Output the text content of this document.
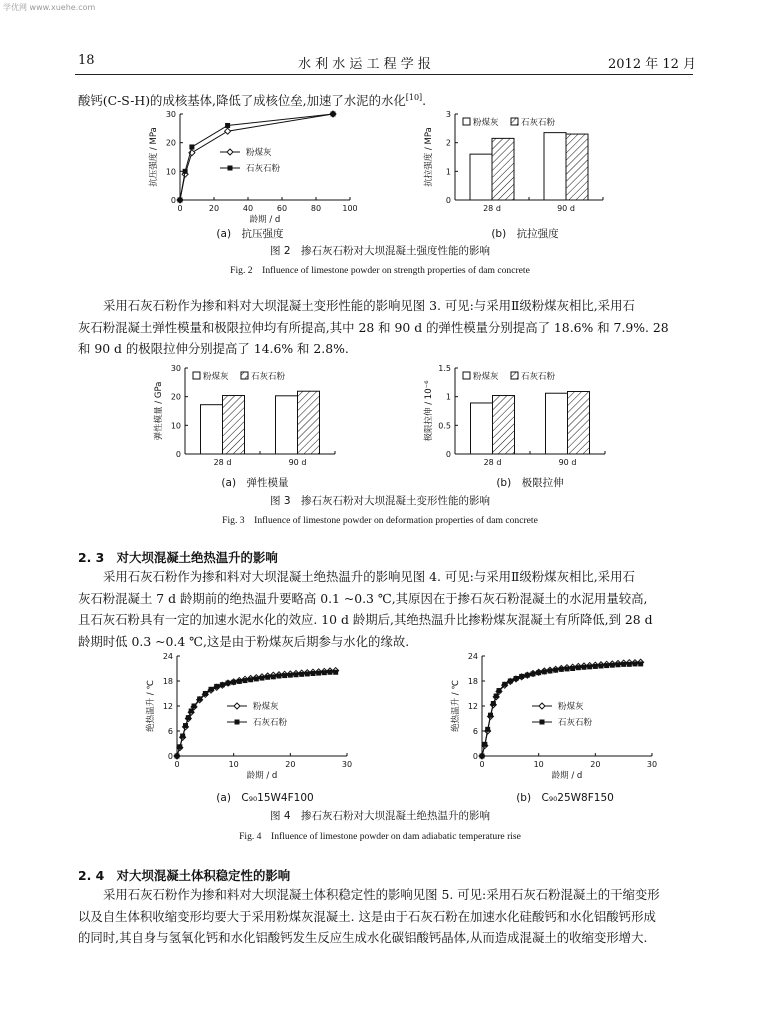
学优网 www.xuehe.com
18	水 利 水 运 工 程 学 报	2012 年 12 月
酸钙(C-S-H)的成核基体,降低了成核位垒,加速了水泥的水化[10].
0
10
20
30
抗压强度 / MPa
0	20	40	60	80	100
龄期 / d
粉煤灰
石灰石粉
0
1
2
3
抗拉强度 / MPa
28 d	90 d
粉煤灰	石灰石粉
(a)　抗压强度	(b)　抗拉强度
图 2　掺石灰石粉对大坝混凝土强度性能的影响
Fig. 2　Influence of limestone powder on strength properties of dam concrete
采用石灰石粉作为掺和料对大坝混凝土变形性能的影响见图 3. 可见:与采用Ⅱ级粉煤灰相比,采用石
灰石粉混凝土弹性模量和极限拉伸均有所提高,其中 28 和 90 d 的弹性模量分别提高了 18.6% 和 7.9%. 28
和 90 d 的极限拉伸分别提高了 14.6% 和 2.8%.
0
10
20
30
弹性模量 / GPa
28 d	90 d
粉煤灰	石灰石粉
0
0.5
1
1.5
极限拉伸 / 10⁻⁶
28 d	90 d
粉煤灰	石灰石粉
(a)　弹性模量	(b)　极限拉伸
图 3　掺石灰石粉对大坝混凝土变形性能的影响
Fig. 3　Influence of limestone powder on deformation properties of dam concrete
2. 3　对大坝混凝土绝热温升的影响
采用石灰石粉作为掺和料对大坝混凝土绝热温升的影响见图 4. 可见:与采用Ⅱ级粉煤灰相比,采用石
灰石粉混凝土 7 d 龄期前的绝热温升要略高 0.1 ~0.3 ℃,其原因在于掺石灰石粉混凝土的水泥用量较高,
且石灰石粉具有一定的加速水泥水化的效应. 10 d 龄期后,其绝热温升比掺粉煤灰混凝土有所降低,到 28 d
龄期时低 0.3 ~0.4 ℃,这是由于粉煤灰后期参与水化的缘故.
0
6
12
18
24
绝热温升 / ℃
0	10	20	30
龄期 / d
粉煤灰
石灰石粉
0
6
12
18
24
绝热温升 / ℃
0	10	20	30
龄期 / d
粉煤灰
石灰石粉
(a)　C₉₀15W4F100	(b)　C₉₀25W8F150
图 4　掺石灰石粉对大坝混凝土绝热温升的影响
Fig. 4　Influence of limestone powder on dam adiabatic temperature rise
2. 4　对大坝混凝土体积稳定性的影响
采用石灰石粉作为掺和料对大坝混凝土体积稳定性的影响见图 5. 可见:采用石灰石粉混凝土的干缩变形
以及自生体积收缩变形均要大于采用粉煤灰混凝土. 这是由于石灰石粉在加速水化硅酸钙和水化铝酸钙形成
的同时,其自身与氢氧化钙和水化铝酸钙发生反应生成水化碳铝酸钙晶体,从而造成混凝土的收缩变形增大.
